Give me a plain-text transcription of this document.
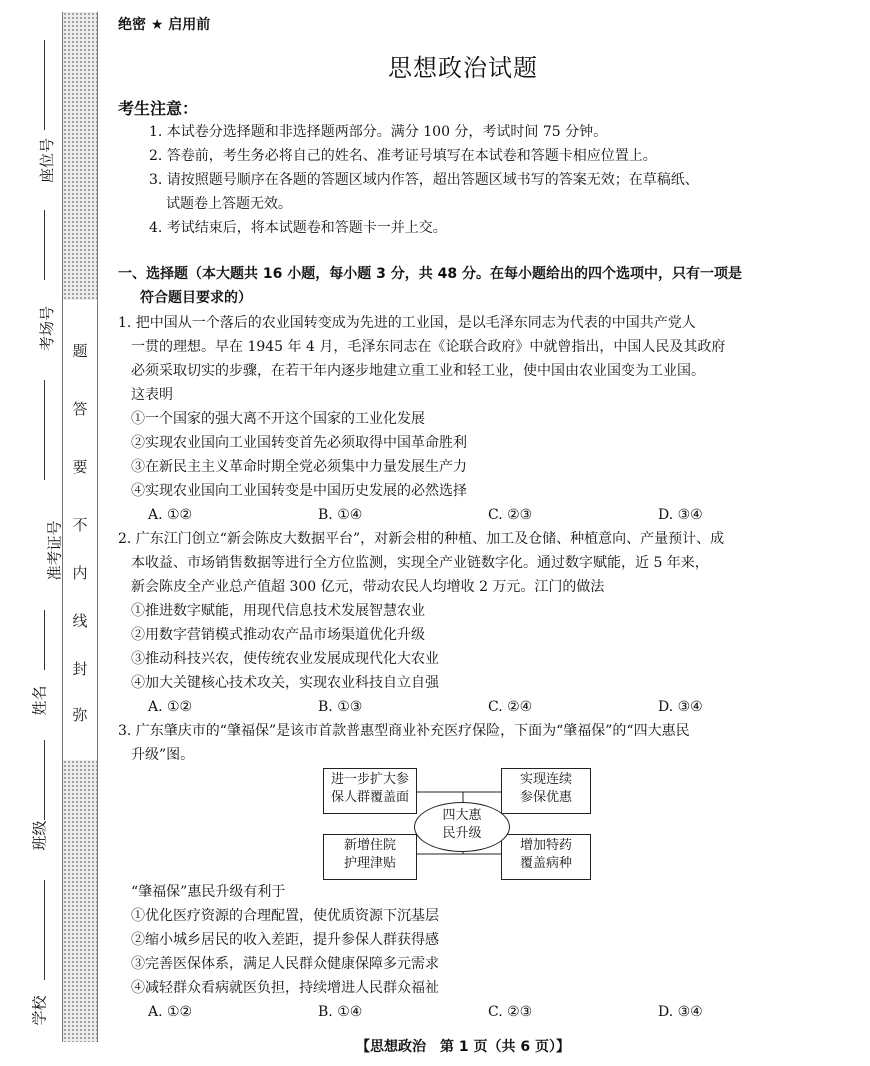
题
答
要
不
内
线
封
弥
座位号
考场号
准考证号
姓名
班级
学校
绝密 ★ 启用前
思想政治试题
考生注意：
1. 本试卷分选择题和非选择题两部分。满分 100 分，考试时间 75 分钟。
2. 答卷前，考生务必将自己的姓名、准考证号填写在本试卷和答题卡相应位置上。
3. 请按照题号顺序在各题的答题区域内作答，超出答题区域书写的答案无效；在草稿纸、
试题卷上答题无效。
4. 考试结束后，将本试题卷和答题卡一并上交。
一、选择题（本大题共 16 小题，每小题 3 分，共 48 分。在每小题给出的四个选项中，只有一项是
符合题目要求的）
1. 把中国从一个落后的农业国转变成为先进的工业国，是以毛泽东同志为代表的中国共产党人
一贯的理想。早在 1945 年 4 月，毛泽东同志在《论联合政府》中就曾指出，中国人民及其政府
必须采取切实的步骤，在若干年内逐步地建立重工业和轻工业，使中国由农业国变为工业国。
这表明
①一个国家的强大离不开这个国家的工业化发展
②实现农业国向工业国转变首先必须取得中国革命胜利
③在新民主主义革命时期全党必须集中力量发展生产力
④实现农业国向工业国转变是中国历史发展的必然选择
A. ①②	B. ①④	C. ②③	D. ③④
2. 广东江门创立“新会陈皮大数据平台”，对新会柑的种植、加工及仓储、种植意向、产量预计、成
本收益、市场销售数据等进行全方位监测，实现全产业链数字化。通过数字赋能，近 5 年来，
新会陈皮全产业总产值超 300 亿元，带动农民人均增收 2 万元。江门的做法
①推进数字赋能，用现代信息技术发展智慧农业
②用数字营销模式推动农产品市场渠道优化升级
③推动科技兴农，使传统农业发展成现代化大农业
④加大关键核心技术攻关，实现农业科技自立自强
A. ①②	B. ①③	C. ②④	D. ③④
3. 广东肇庆市的“肇福保”是该市首款普惠型商业补充医疗保险，下面为“肇福保”的“四大惠民
升级”图。
进一步扩大参
保人群覆盖面
实现连续
参保优惠
新增住院
护理津贴
增加特药
覆盖病种
四大惠
民升级
“肇福保”惠民升级有利于
①优化医疗资源的合理配置，使优质资源下沉基层
②缩小城乡居民的收入差距，提升参保人群获得感
③完善医保体系，满足人民群众健康保障多元需求
④减轻群众看病就医负担，持续增进人民群众福祉
A. ①②	B. ①④	C. ②③	D. ③④
【思想政治　第 1 页（共 6 页）】
